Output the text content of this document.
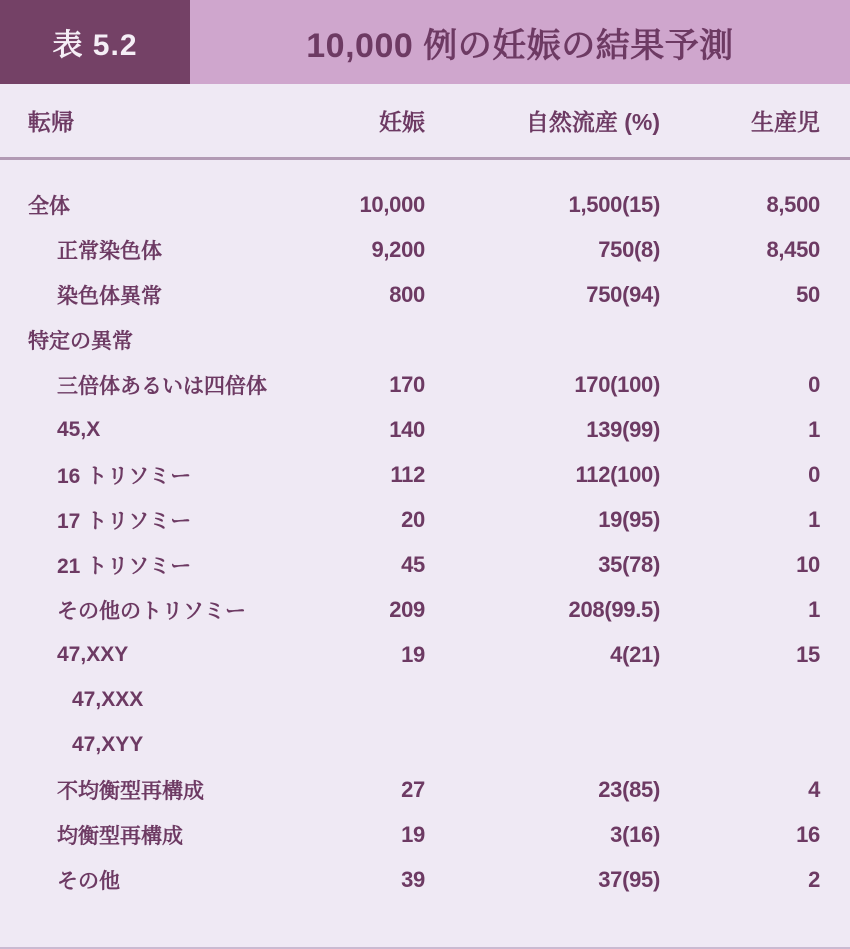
表 5.2	10,000 例の妊娠の結果予測
転帰	妊娠	自然流産 (%)	生産児
全体	10,000	1,500(15)	8,500
正常染色体	9,200	750(8)	8,450
染色体異常	800	750(94)	50
特定の異常
三倍体あるいは四倍体	170	170(100)	0
45,X	140	139(99)	1
16 トリソミー	112	112(100)	0
17 トリソミー	20	19(95)	1
21 トリソミー	45	35(78)	10
その他のトリソミー	209	208(99.5)	1
47,XXY	19	4(21)	15
47,XXX
47,XYY
不均衡型再構成	27	23(85)	4
均衡型再構成	19	3(16)	16
その他	39	37(95)	2
